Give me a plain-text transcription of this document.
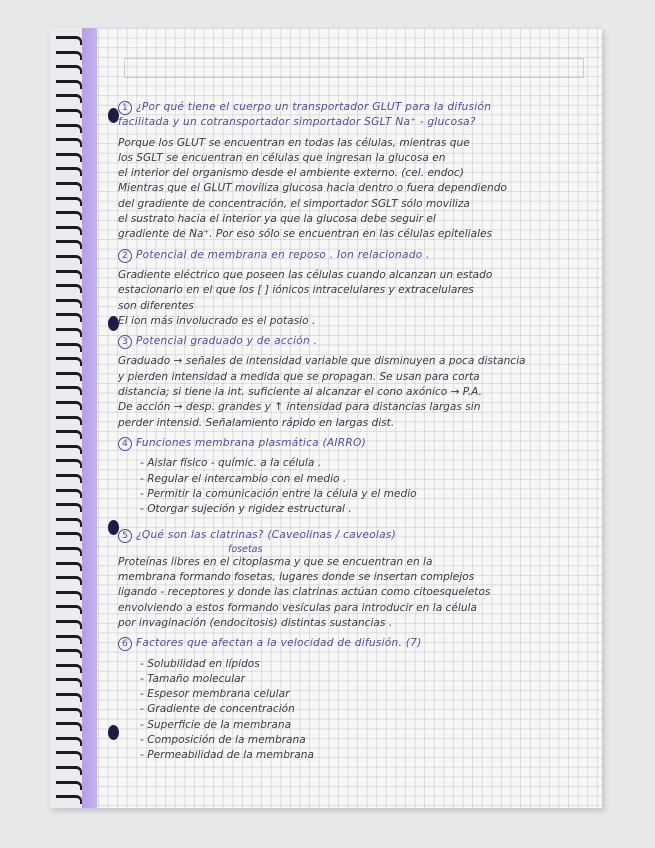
1 ¿Por qué tiene el cuerpo un transportador GLUT para la difusión
facilitada y un cotransportador simportador SGLT Na⁺ - glucosa?
Porque los GLUT se encuentran en todas las células, mientras que
los SGLT se encuentran en células que ingresan la glucosa en
el interior del organismo desde el ambiente externo. (cel. endoc)
Mientras que el GLUT moviliza glucosa hacia dentro o fuera dependiendo
del gradiente de concentración, el simportador SGLT sólo moviliza
el sustrato hacia el interior ya que la glucosa debe seguir el
gradiente de Na⁺. Por eso sólo se encuentran en las células epiteliales
2 Potencial de membrana en reposo . Ion relacionado .
Gradiente eléctrico que poseen las células cuando alcanzan un estado
estacionario en el que los [ ] iónicos intracelulares y extracelulares
son diferentes
El ion más involucrado es el potasio .
3 Potencial graduado y de acción .
Graduado → señales de intensidad variable que disminuyen a poca distancia
y pierden intensidad a medida que se propagan. Se usan para corta
distancia; si tiene la int. suficiente al alcanzar el cono axónico → P.A.
De acción → desp. grandes y ↑ intensidad para distancias largas sin
perder intensid. Señalamiento rápido en largas dist.
4 Funciones membrana plasmática (AIRRO)
- Aislar físico - químic. a la célula .
- Regular el intercambio con el medio .
- Permitir la comunicación entre la célula y el medio
- Otorgar sujeción y rigidez estructural .
5 ¿Qué son las clatrinas? (Caveolinas / caveolas)
fosetas
Proteínas libres en el citoplasma y que se encuentran en la
membrana formando fosetas, lugares donde se insertan complejos
ligando - receptores y donde las clatrinas actúan como citoesqueletos
envolviendo a estos formando vesículas para introducir en la célula
por invaginación (endocitosis) distintas sustancias .
6 Factores que afectan a la velocidad de difusión. (7)
- Solubilidad en lípidos
- Tamaño molecular
- Espesor membrana celular
- Gradiente de concentración
- Superficie de la membrana
- Composición de la membrana
- Permeabilidad de la membrana
